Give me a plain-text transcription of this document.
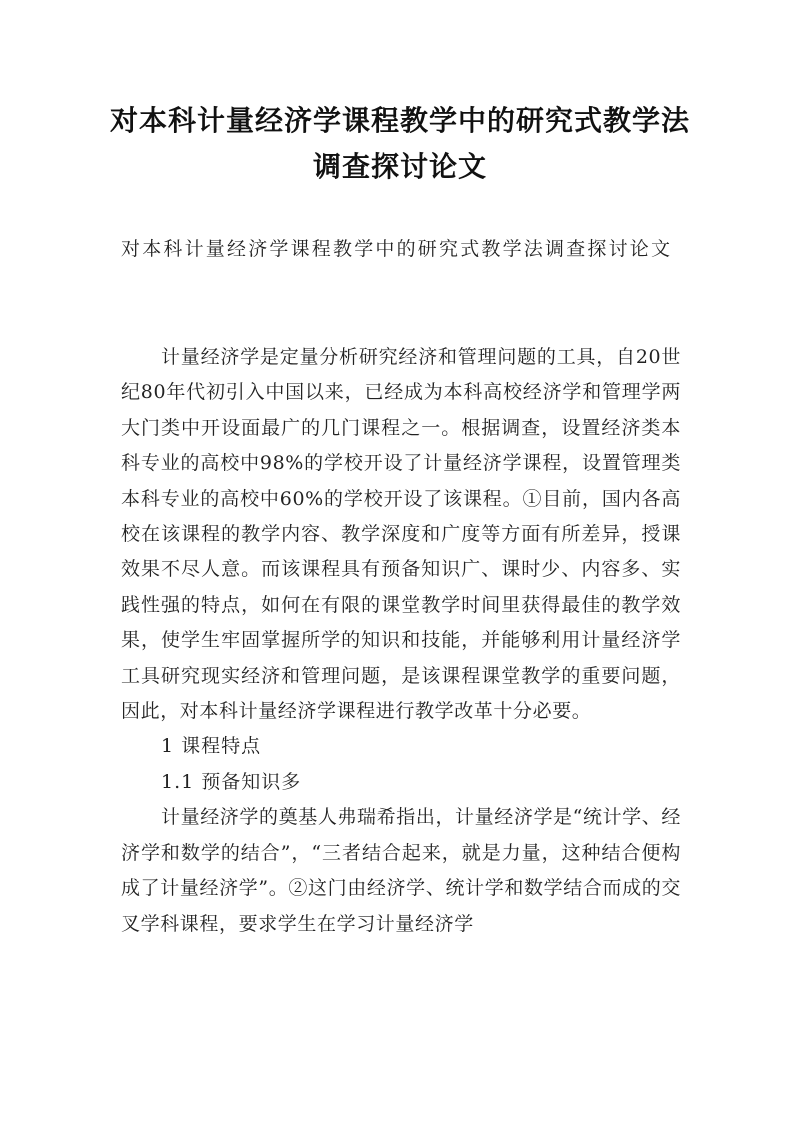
对本科计量经济学课程教学中的研究式教学法调查探讨论文
对本科计量经济学课程教学中的研究式教学法调查探讨论文

计量经济学是定量分析研究经济和管理问题的工具，自20世纪80年代初引入中国以来，已经成为本科高校经济学和管理学两大门类中开设面最广的几门课程之一。根据调查，设置经济类本科专业的高校中98%的学校开设了计量经济学课程，设置管理类本科专业的高校中60%的学校开设了该课程。①目前，国内各高校在该课程的教学内容、教学深度和广度等方面有所差异，授课效果不尽人意。而该课程具有预备知识广、课时少、内容多、实践性强的特点，如何在有限的课堂教学时间里获得最佳的教学效果，使学生牢固掌握所学的知识和技能，并能够利用计量经济学工具研究现实经济和管理问题，是该课程课堂教学的重要问题，因此，对本科计量经济学课程进行教学改革十分必要。

1 课程特点

1.1 预备知识多

计量经济学的奠基人弗瑞希指出，计量经济学是“统计学、经济学和数学的结合”，“三者结合起来，就是力量，这种结合便构成了计量经济学”。②这门由经济学、统计学和数学结合而成的交叉学科课程，要求学生在学习计量经济学
